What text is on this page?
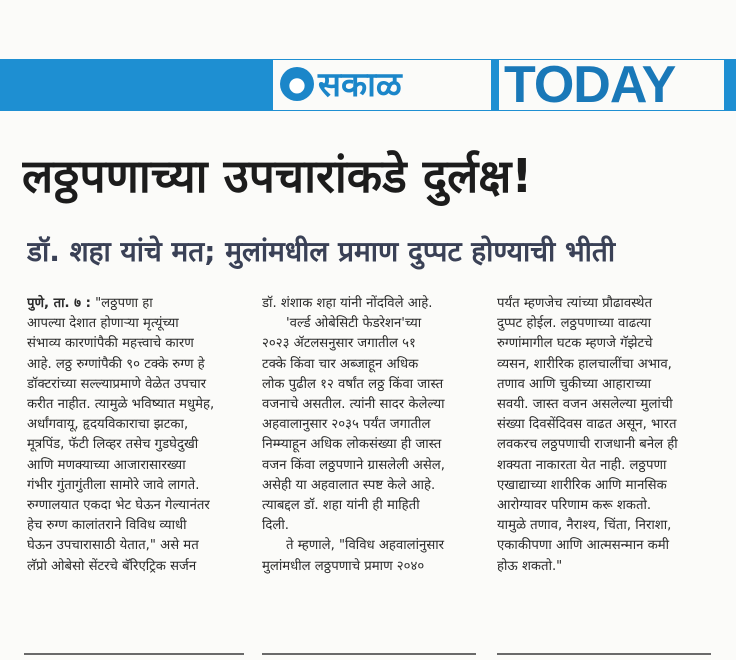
● सकाळ TODAY
लठ्ठपणाच्या उपचारांकडे दुर्लक्ष!
डॉ. शहा यांचे मत; मुलांमधील प्रमाण दुप्पट होण्याची भीती
पुणे, ता. ७ : "लठ्ठपणा हा
आपल्या देशात होणाऱ्या मृत्यूंच्या
संभाव्य कारणांपैकी महत्त्वाचे कारण
आहे. लठ्ठ रुग्णांपैकी ९० टक्के रुग्ण हे
डॉक्टरांच्या सल्ल्याप्रमाणे वेळेत उपचार
करीत नाहीत. त्यामुळे भविष्यात मधुमेह,
अर्धांगवायू, हृदयविकाराचा झटका,
मूत्रपिंड, फॅटी लिव्हर तसेच गुडघेदुखी
आणि मणक्याच्या आजारासारख्या
गंभीर गुंतागुंतीला सामोरे जावे लागते.
रुग्णालयात एकदा भेट घेऊन गेल्यानंतर
हेच रुग्ण कालांतराने विविध व्याधी
घेऊन उपचारासाठी येतात," असे मत
लॅप्रो ओबेसो सेंटरचे बॅरिएट्रिक सर्जन
डॉ. शंशाक शहा यांनी नोंदविले आहे.
'वर्ल्ड ओबेसिटी फेडरेशन'च्या
२०२३ ॲटलसनुसार जगातील ५१
टक्के किंवा चार अब्जाहून अधिक
लोक पुढील १२ वर्षांत लठ्ठ किंवा जास्त
वजनाचे असतील. त्यांनी सादर केलेल्या
अहवालानुसार २०३५ पर्यंत जगातील
निम्म्याहून अधिक लोकसंख्या ही जास्त
वजन किंवा लठ्ठपणाने ग्रासलेली असेल,
असेही या अहवालात स्पष्ट केले आहे.
त्याबद्दल डॉ. शहा यांनी ही माहिती
दिली.
ते म्हणाले, "विविध अहवालांनुसार
मुलांमधील लठ्ठपणाचे प्रमाण २०४०
पर्यंत म्हणजेच त्यांच्या प्रौढावस्थेत
दुप्पट होईल. लठ्ठपणाच्या वाढत्या
रुग्णांमागील घटक म्हणजे गॅझेटचे
व्यसन, शारीरिक हालचालींचा अभाव,
तणाव आणि चुकीच्या आहाराच्या
सवयी. जास्त वजन असलेल्या मुलांची
संख्या दिवसेंदिवस वाढत असून, भारत
लवकरच लठ्ठपणाची राजधानी बनेल ही
शक्यता नाकारता येत नाही. लठ्ठपणा
एखाद्याच्या शारीरिक आणि मानसिक
आरोग्यावर परिणाम करू शकतो.
यामुळे तणाव, नैराश्य, चिंता, निराशा,
एकाकीपणा आणि आत्मसन्मान कमी
होऊ शकतो."
